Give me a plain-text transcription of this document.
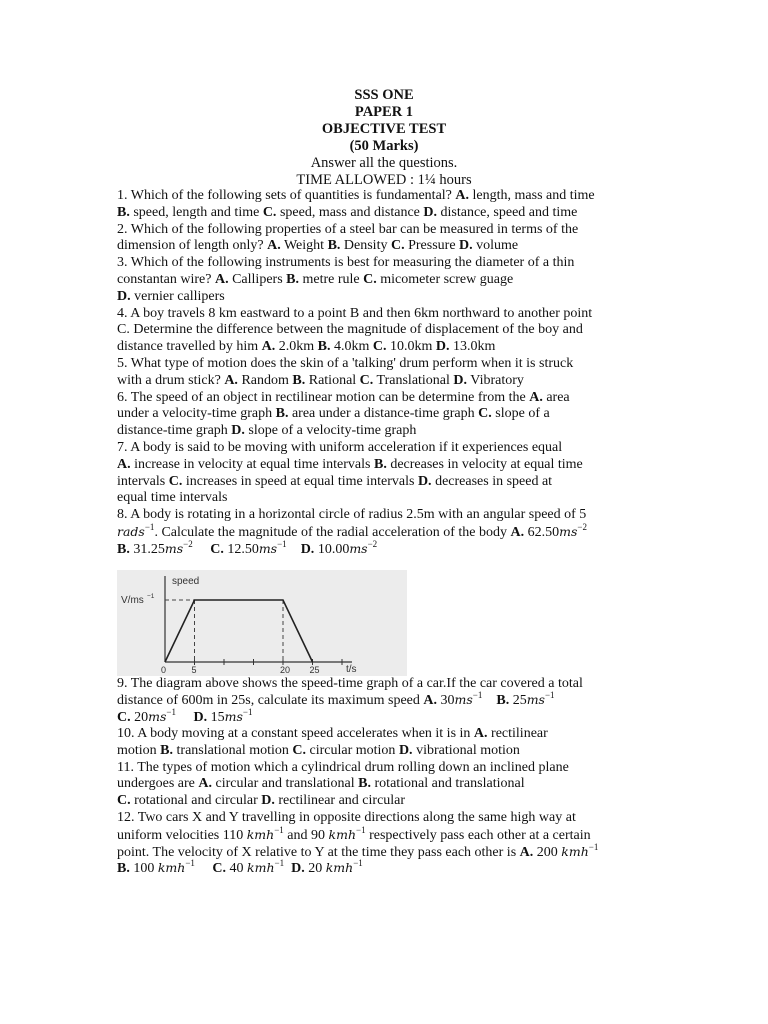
SSS ONE
PAPER 1
OBJECTIVE TEST
(50 Marks)
Answer all the questions.
TIME ALLOWED : 1¼ hours
1. Which of the following sets of quantities is fundamental? A. length, mass and time
B. speed, length and time C. speed, mass and distance D. distance, speed and time
2. Which of the following properties of a steel bar can be measured in terms of the
dimension of length only? A. Weight B. Density C. Pressure D. volume
3. Which of the following instruments is best for measuring the diameter of a thin
constantan wire? A. Callipers B. metre rule C. micometer screw guage
D. vernier callipers
4. A boy travels 8 km eastward to a point B and then 6km northward to another point
C. Determine the difference between the magnitude of displacement of the boy and
distance travelled by him A. 2.0km B. 4.0km C. 10.0km D. 13.0km
5. What type of motion does the skin of a 'talking' drum perform when it is struck
with a drum stick? A. Random B. Rational C. Translational D. Vibratory
6. The speed of an object in rectilinear motion can be determine from the A. area
under a velocity-time graph B. area under a distance-time graph C. slope of a
distance-time graph D. slope of a velocity-time graph
7. A body is said to be moving with uniform acceleration if it experiences equal
A. increase in velocity at equal time intervals B. decreases in velocity at equal time
intervals C. increases in speed at equal time intervals D. decreases in speed at
equal time intervals
8. A body is rotating in a horizontal circle of radius 2.5m with an angular speed of 5
rads$^{-1}$. Calculate the magnitude of the radial acceleration of the body A. $62.50ms^{-2}$
B. $31.25ms^{-2}$ C. $12.50ms^{-1}$ D. $10.00ms^{-2}$
speed
V/ms −1
t/s
0	5	20 25
9. The diagram above shows the speed-time graph of a car.If the car covered a total
distance of 600m in 25s, calculate its maximum speed A. $30ms^{-1}$ B. $25ms^{-1}$
C. $20ms^{-1}$ D. $15ms^{-1}$
10. A body moving at a constant speed accelerates when it is in A. rectilinear
motion B. translational motion C. circular motion D. vibrational motion
11. The types of motion which a cylindrical drum rolling down an inclined plane
undergoes are A. circular and translational B. rotational and translational
C. rotational and circular D. rectilinear and circular
12. Two cars X and Y travelling in opposite directions along the same high way at
uniform velocities 110 kmh$^{-1}$ and 90 kmh$^{-1}$ respectively pass each other at a certain
point. The velocity of X relative to Y at the time they pass each other is A. 200 kmh$^{-1}$
B. 100 kmh$^{-1}$ C. 40 kmh$^{-1}$ D. 20 kmh$^{-1}$
